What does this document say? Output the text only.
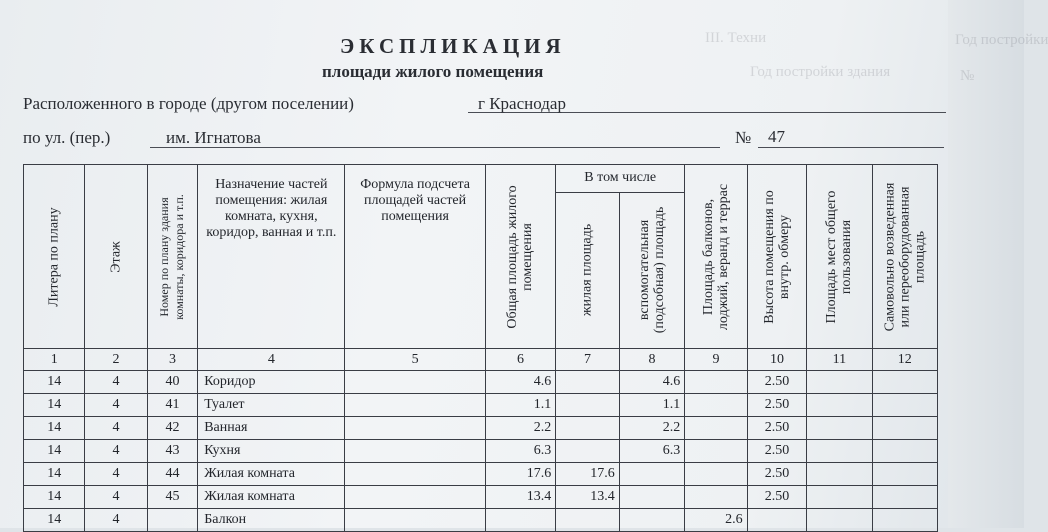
III. Техни	Год постройки
Год постройки здания	№
ЭКСПЛИКАЦИЯ
площади жилого помещения
Расположенного в городе (другом поселении)	г Краснодар
по ул. (пер.)	им. Игнатова	№ 47
Литера по плану	Этаж	Номер по плану здания комнаты, коридора и т.п.	Назначение частей помещения: жилая комната, кухня, коридор, ванная и т.п.	Формула подсчета площадей частей помещения	Общая площадь жилого помещения	В том числе		Площадь балконов, лоджий, веранд и террас	Высота помещения по внутр. обмеру	Площадь мест общего пользования	Самовольно возведенная или переоборудованная площадь

						жилая площадь	вспомогательная (подсобная) площадь				

1	2	3	4	5	6	7	8	9	10	11	12
14	4	40	Коридор		4.6		4.6		2.50		
14	4	41	Туалет		1.1		1.1		2.50		
14	4	42	Ванная		2.2		2.2		2.50		
14	4	43	Кухня		6.3		6.3		2.50		
14	4	44	Жилая комната		17.6	17.6			2.50		
14	4	45	Жилая комната		13.4	13.4			2.50		
14	4		Балкон					2.6			
